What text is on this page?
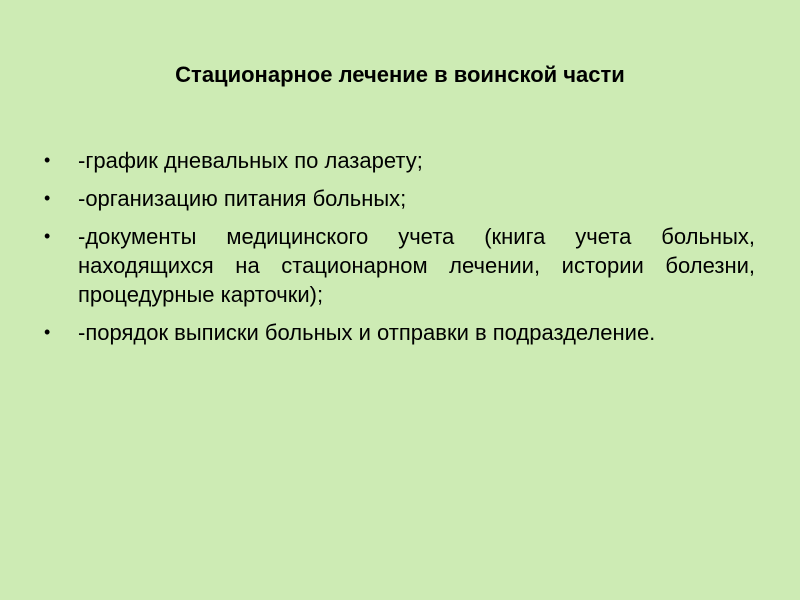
Стационарное лечение в воинской части
•	-график дневальных по лазарету;
•	-организацию питания больных;
•	-документы медицинского учета (книга учета больных, находящихся на стационарном лечении, истории болезни, процедурные карточки);
•	-порядок выписки больных и отправки в подразделение.
